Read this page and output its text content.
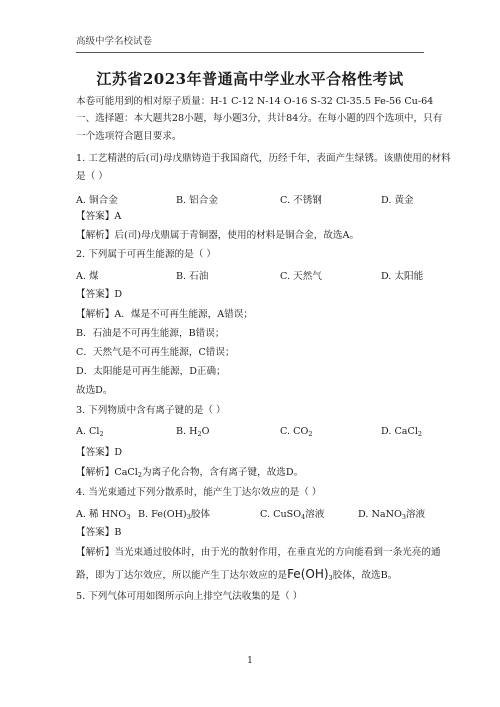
高级中学名校试卷
江苏省2023年普通高中学业水平合格性考试
本卷可能用到的相对原子质量：H-1 C-12 N-14 O-16 S-32 Cl-35.5 Fe-56 Cu-64
一、选择题：本大题共28小题，每小题3分，共计84分。在每小题的四个选项中，只有
一个选项符合题目要求。
1. 工艺精湛的后(司)母戊鼎铸造于我国商代，历经千年，表面产生绿锈。该鼎使用的材料
是（ ）
A. 铜合金	B. 铝合金	C. 不锈钢	D. 黄金
【答案】A
【解析】后(司)母戊鼎属于青铜器，使用的材料是铜合金，故选A。
2. 下列属于可再生能源的是（ ）
A. 煤	B. 石油	C. 天然气	D. 太阳能
【答案】D
【解析】A．煤是不可再生能源，A错误；
B．石油是不可再生能源，B错误；
C．天然气是不可再生能源，C错误；
D．太阳能是可再生能源，D正确；
故选D。
3. 下列物质中含有离子键的是（ ）
A. $Cl_2$	B. $H_2O$	C. $CO_2$	D. CaCl$_2$
【答案】D
【解析】CaCl$_2$为离子化合物，含有离子键，故选D。
4. 当光束通过下列分散系时，能产生丁达尔效应的是（ ）
A. 稀 $HNO_3$ B. $Fe(OH)_3$胶体	C. CuSO$_4$溶液	D. NaNO$_3$溶液
【答案】B
【解析】当光束通过胶体时，由于光的散射作用，在垂直光的方向能看到一条光亮的通
路，即为丁达尔效应，所以能产生丁达尔效应的是$Fe(OH)_3$胶体，故选B。
5. 下列气体可用如图所示向上排空气法收集的是（ ）
1
